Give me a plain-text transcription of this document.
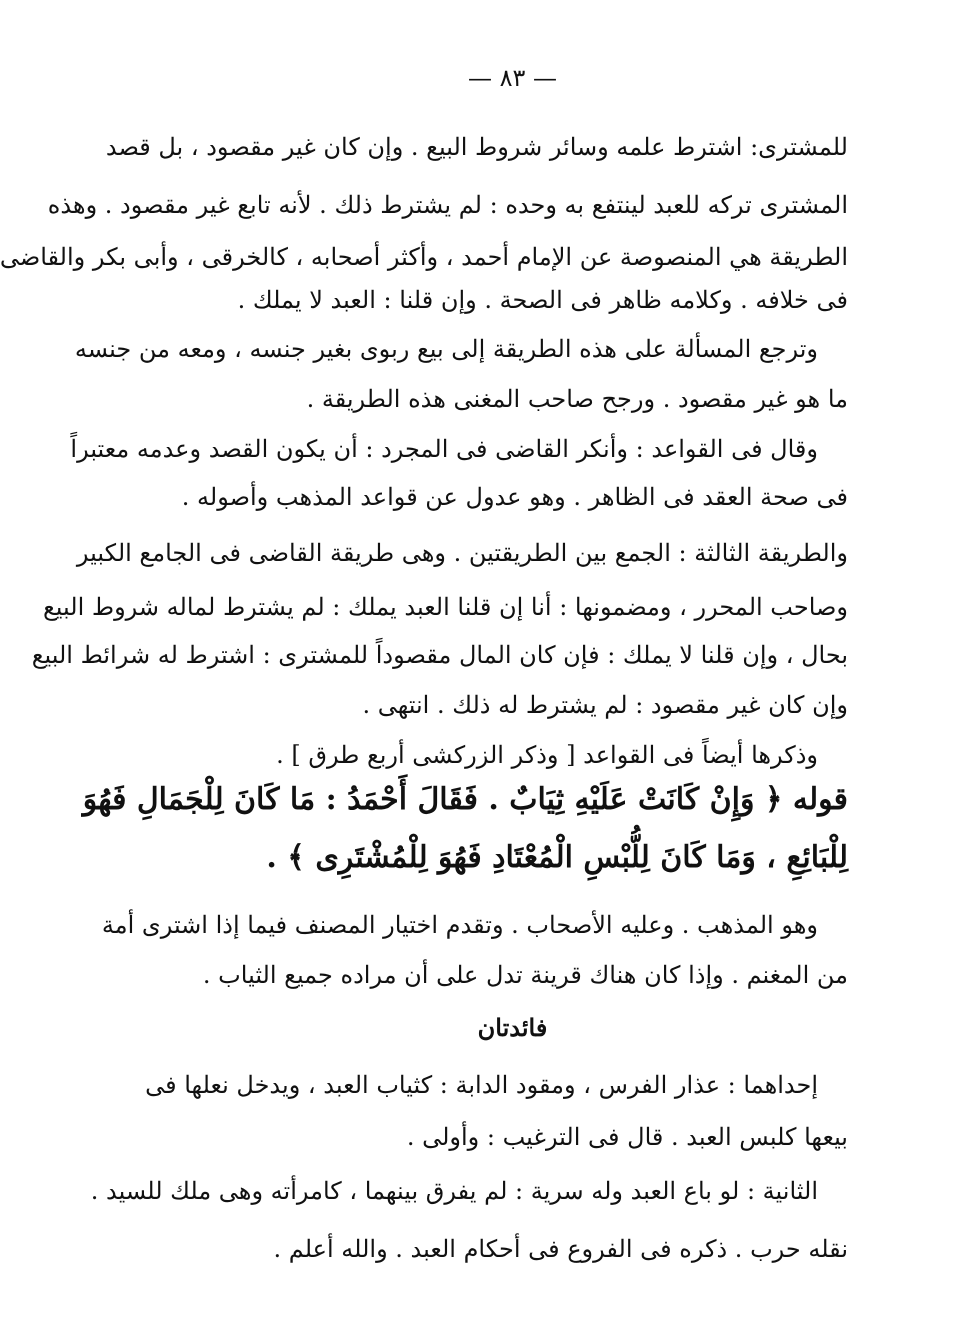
— ٨٣ —
للمشترى: اشترط علمه وسائر شروط البيع . وإن كان غير مقصود ، بل قصد
المشترى تركه للعبد لينتفع به وحده : لم يشترط ذلك . لأنه تابع غير مقصود . وهذه
الطريقة هي المنصوصة عن الإمام أحمد ، وأكثر أصحابه ، كالخرقى ، وأبى بكر والقاضى
فى خلافه . وكلامه ظاهر فى الصحة . وإن قلنا : العبد لا يملك .
وترجع المسألة على هذه الطريقة إلى بيع ربوى بغير جنسه ، ومعه من جنسه
ما هو غير مقصود . ورجح صاحب المغنى هذه الطريقة .
وقال فى القواعد : وأنكر القاضى فى المجرد : أن يكون القصد وعدمه معتبراً
فى صحة العقد فى الظاهر . وهو عدول عن قواعد المذهب وأصوله .
والطريقة الثالثة : الجمع بين الطريقتين . وهى طريقة القاضى فى الجامع الكبير
وصاحب المحرر ، ومضمونها : أنا إن قلنا العبد يملك : لم يشترط لماله شروط البيع
بحال ، وإن قلنا لا يملك : فإن كان المال مقصوداً للمشترى : اشترط له شرائط البيع
وإن كان غير مقصود : لم يشترط له ذلك . انتهى .
وذكرها أيضاً فى القواعد [ وذكر الزركشى أربع طرق ] .
قوله ﴿ وَإِنْ كَانَتْ عَلَيْهِ ثِيَابٌ . فَقَالَ أَحْمَدُ : مَا كَانَ لِلْجَمَالِ فَهُوَ
لِلْبَائِعِ ، وَمَا كَانَ لِلُّبْسِ الْمُعْتَادِ فَهُوَ لِلْمُشْتَرِى ﴾ .
وهو المذهب . وعليه الأصحاب . وتقدم اختيار المصنف فيما إذا اشترى أمة
من المغنم . وإذا كان هناك قرينة تدل على أن مراده جميع الثياب .
إحداهما : عذار الفرس ، ومقود الدابة : كثياب العبد ، ويدخل نعلها فى
بيعها كلبس العبد . قال فى الترغيب : وأولى .
الثانية : لو باع العبد وله سرية : لم يفرق بينهما ، كامرأته وهى ملك للسيد .
نقله حرب . ذكره فى الفروع فى أحكام العبد . والله أعلم .
فائدتان
